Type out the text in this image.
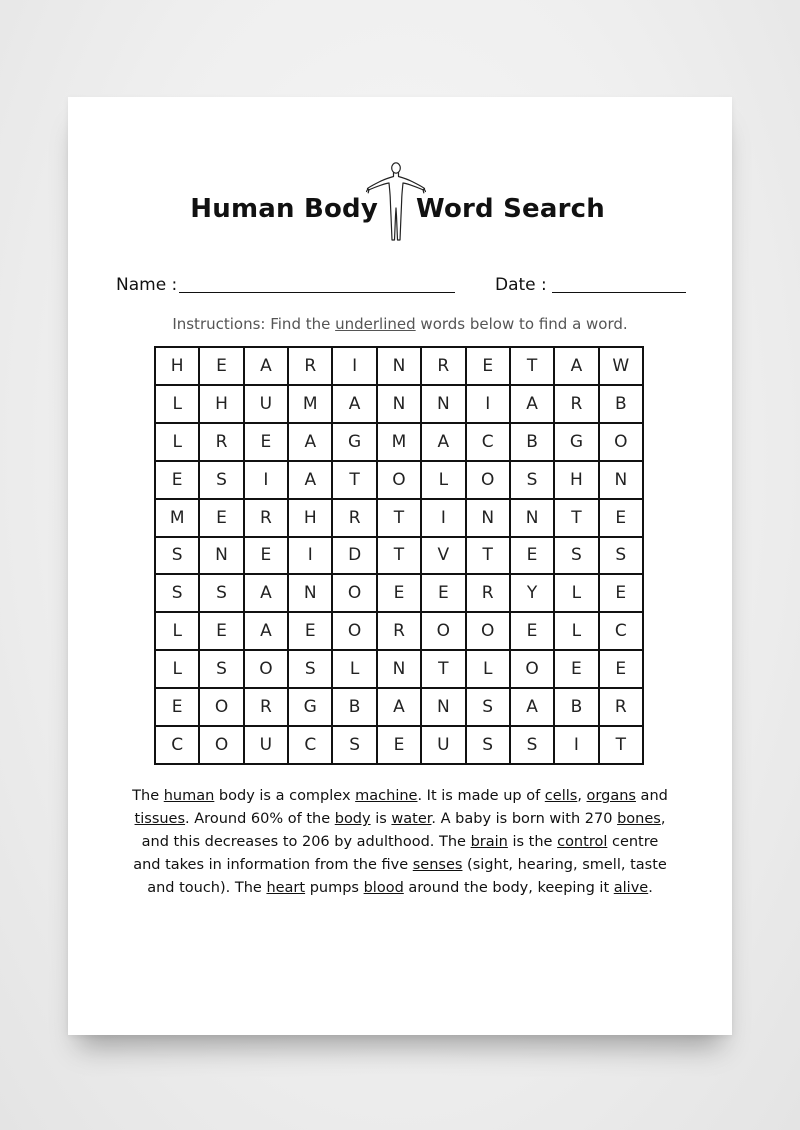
Human Body Word Search
Name :	Date :
Instructions: Find the underlined words below to find a word.
H	E	A	R	I	N	R	E	T	A	W
L	H	U	M	A	N	N	I	A	R	B
L	R	E	A	G	M	A	C	B	G	O
E	S	I	A	T	O	L	O	S	H	N
M	E	R	H	R	T	I	N	N	T	E
S	N	E	I	D	T	V	T	E	S	S
S	S	A	N	O	E	E	R	Y	L	E
L	E	A	E	O	R	O	O	E	L	C
L	S	O	S	L	N	T	L	O	E	E
E	O	R	G	B	A	N	S	A	B	R
C	O	U	C	S	E	U	S	S	I	T

The human body is a complex machine. It is made up of cells, organs and

tissues. Around 60% of the body is water. A baby is born with 270 bones,

and this decreases to 206 by adulthood. The brain is the control centre

and takes in information from the five senses (sight, hearing, smell, taste

and touch). The heart pumps blood around the body, keeping it alive.
